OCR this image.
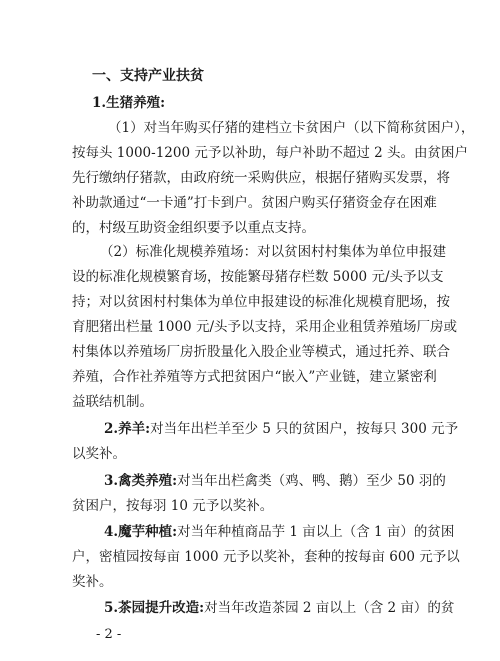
一、支持产业扶贫
1.生猪养殖:
（1）对当年购买仔猪的建档立卡贫困户（以下简称贫困户），
按每头 1000-1200 元予以补助，每户补助不超过 2 头。由贫困户
先行缴纳仔猪款，由政府统一采购供应，根据仔猪购买发票，将
补助款通过“一卡通”打卡到户。贫困户购买仔猪资金存在困难
的，村级互助资金组织要予以重点支持。
（2）标准化规模养殖场：对以贫困村村集体为单位申报建
设的标准化规模繁育场，按能繁母猪存栏数 5000 元/头予以支
持；对以贫困村村集体为单位申报建设的标准化规模育肥场，按
育肥猪出栏量 1000 元/头予以支持，采用企业租赁养殖场厂房或
村集体以养殖场厂房折股量化入股企业等模式，通过托养、联合
养殖，合作社养殖等方式把贫困户“嵌入”产业链，建立紧密利
益联结机制。
2.养羊:对当年出栏羊至少 5 只的贫困户，按每只 300 元予
以奖补。
3.禽类养殖:对当年出栏禽类（鸡、鸭、鹅）至少 50 羽的
贫困户，按每羽 10 元予以奖补。
4.魔芋种植:对当年种植商品芋 1 亩以上（含 1 亩）的贫困
户，密植园按每亩 1000 元予以奖补，套种的按每亩 600 元予以
奖补。
5.茶园提升改造:对当年改造茶园 2 亩以上（含 2 亩）的贫
- 2 -
